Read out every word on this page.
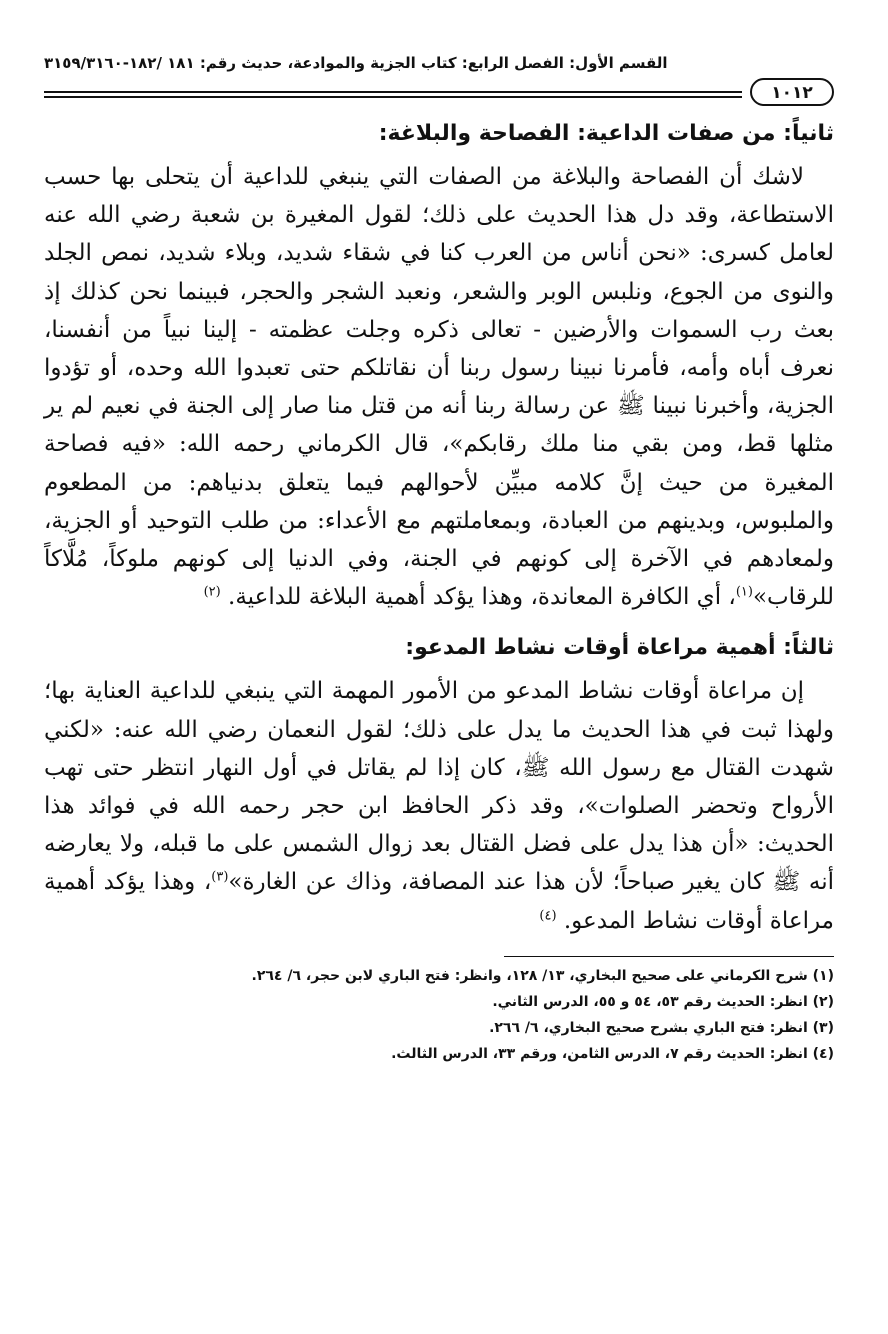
القسم الأول: الفصل الرابع: كتاب الجزية والموادعة، حديث رقم: ١٨١ /١٨٢-٣١٥٩/٣١٦٠
١٠١٢
ثانياً: من صفات الداعية: الفصاحة والبلاغة:

لاشك أن الفصاحة والبلاغة من الصفات التي ينبغي للداعية أن يتحلى بها حسب الاستطاعة، وقد دل هذا الحديث على ذلك؛ لقول المغيرة بن شعبة رضي الله عنه لعامل كسرى: «نحن أناس من العرب كنا في شقاء شديد، وبلاء شديد، نمص الجلد والنوى من الجوع، ونلبس الوبر والشعر، ونعبد الشجر والحجر، فبينما نحن كذلك إذ بعث رب السموات والأرضين - تعالى ذكره وجلت عظمته - إلينا نبياً من أنفسنا، نعرف أباه وأمه، فأمرنا نبينا رسول ربنا أن نقاتلكم حتى تعبدوا الله وحده، أو تؤدوا الجزية، وأخبرنا نبينا ﷺ عن رسالة ربنا أنه من قتل منا صار إلى الجنة في نعيم لم ير مثلها قط، ومن بقي منا ملك رقابكم»، قال الكرماني رحمه الله: «فيه فصاحة المغيرة من حيث إنَّ كلامه مبيِّن لأحوالهم فيما يتعلق بدنياهم: من المطعوم والملبوس، وبدينهم من العبادة، وبمعاملتهم مع الأعداء: من طلب التوحيد أو الجزية، ولمعادهم في الآخرة إلى كونهم في الجنة، وفي الدنيا إلى كونهم ملوكاً، مُلَّاكاً للرقاب»$^{(١)}$، أي الكافرة المعاندة، وهذا يؤكد أهمية البلاغة للداعية. $^{(٢)}$

ثالثاً: أهمية مراعاة أوقات نشاط المدعو:

إن مراعاة أوقات نشاط المدعو من الأمور المهمة التي ينبغي للداعية العناية بها؛ ولهذا ثبت في هذا الحديث ما يدل على ذلك؛ لقول النعمان رضي الله عنه: «لكني شهدت القتال مع رسول الله ﷺ، كان إذا لم يقاتل في أول النهار انتظر حتى تهب الأرواح وتحضر الصلوات»، وقد ذكر الحافظ ابن حجر رحمه الله في فوائد هذا الحديث: «أن هذا يدل على فضل القتال بعد زوال الشمس على ما قبله، ولا يعارضه أنه ﷺ كان يغير صباحاً؛ لأن هذا عند المصافة، وذاك عن الغارة»$^{(٣)}$، وهذا يؤكد أهمية مراعاة أوقات نشاط المدعو. $^{(٤)}$

(١) شرح الكرماني على صحيح البخاري، ١٣/ ١٢٨، وانظر: فتح الباري لابن حجر، ٦/ ٢٦٤.
(٢) انظر: الحديث رقم ٥٣، ٥٤ و ٥٥، الدرس الثاني.
(٣) انظر: فتح الباري بشرح صحيح البخاري، ٦/ ٢٦٦.
(٤) انظر: الحديث رقم ٧، الدرس الثامن، ورقم ٣٣، الدرس الثالث.
